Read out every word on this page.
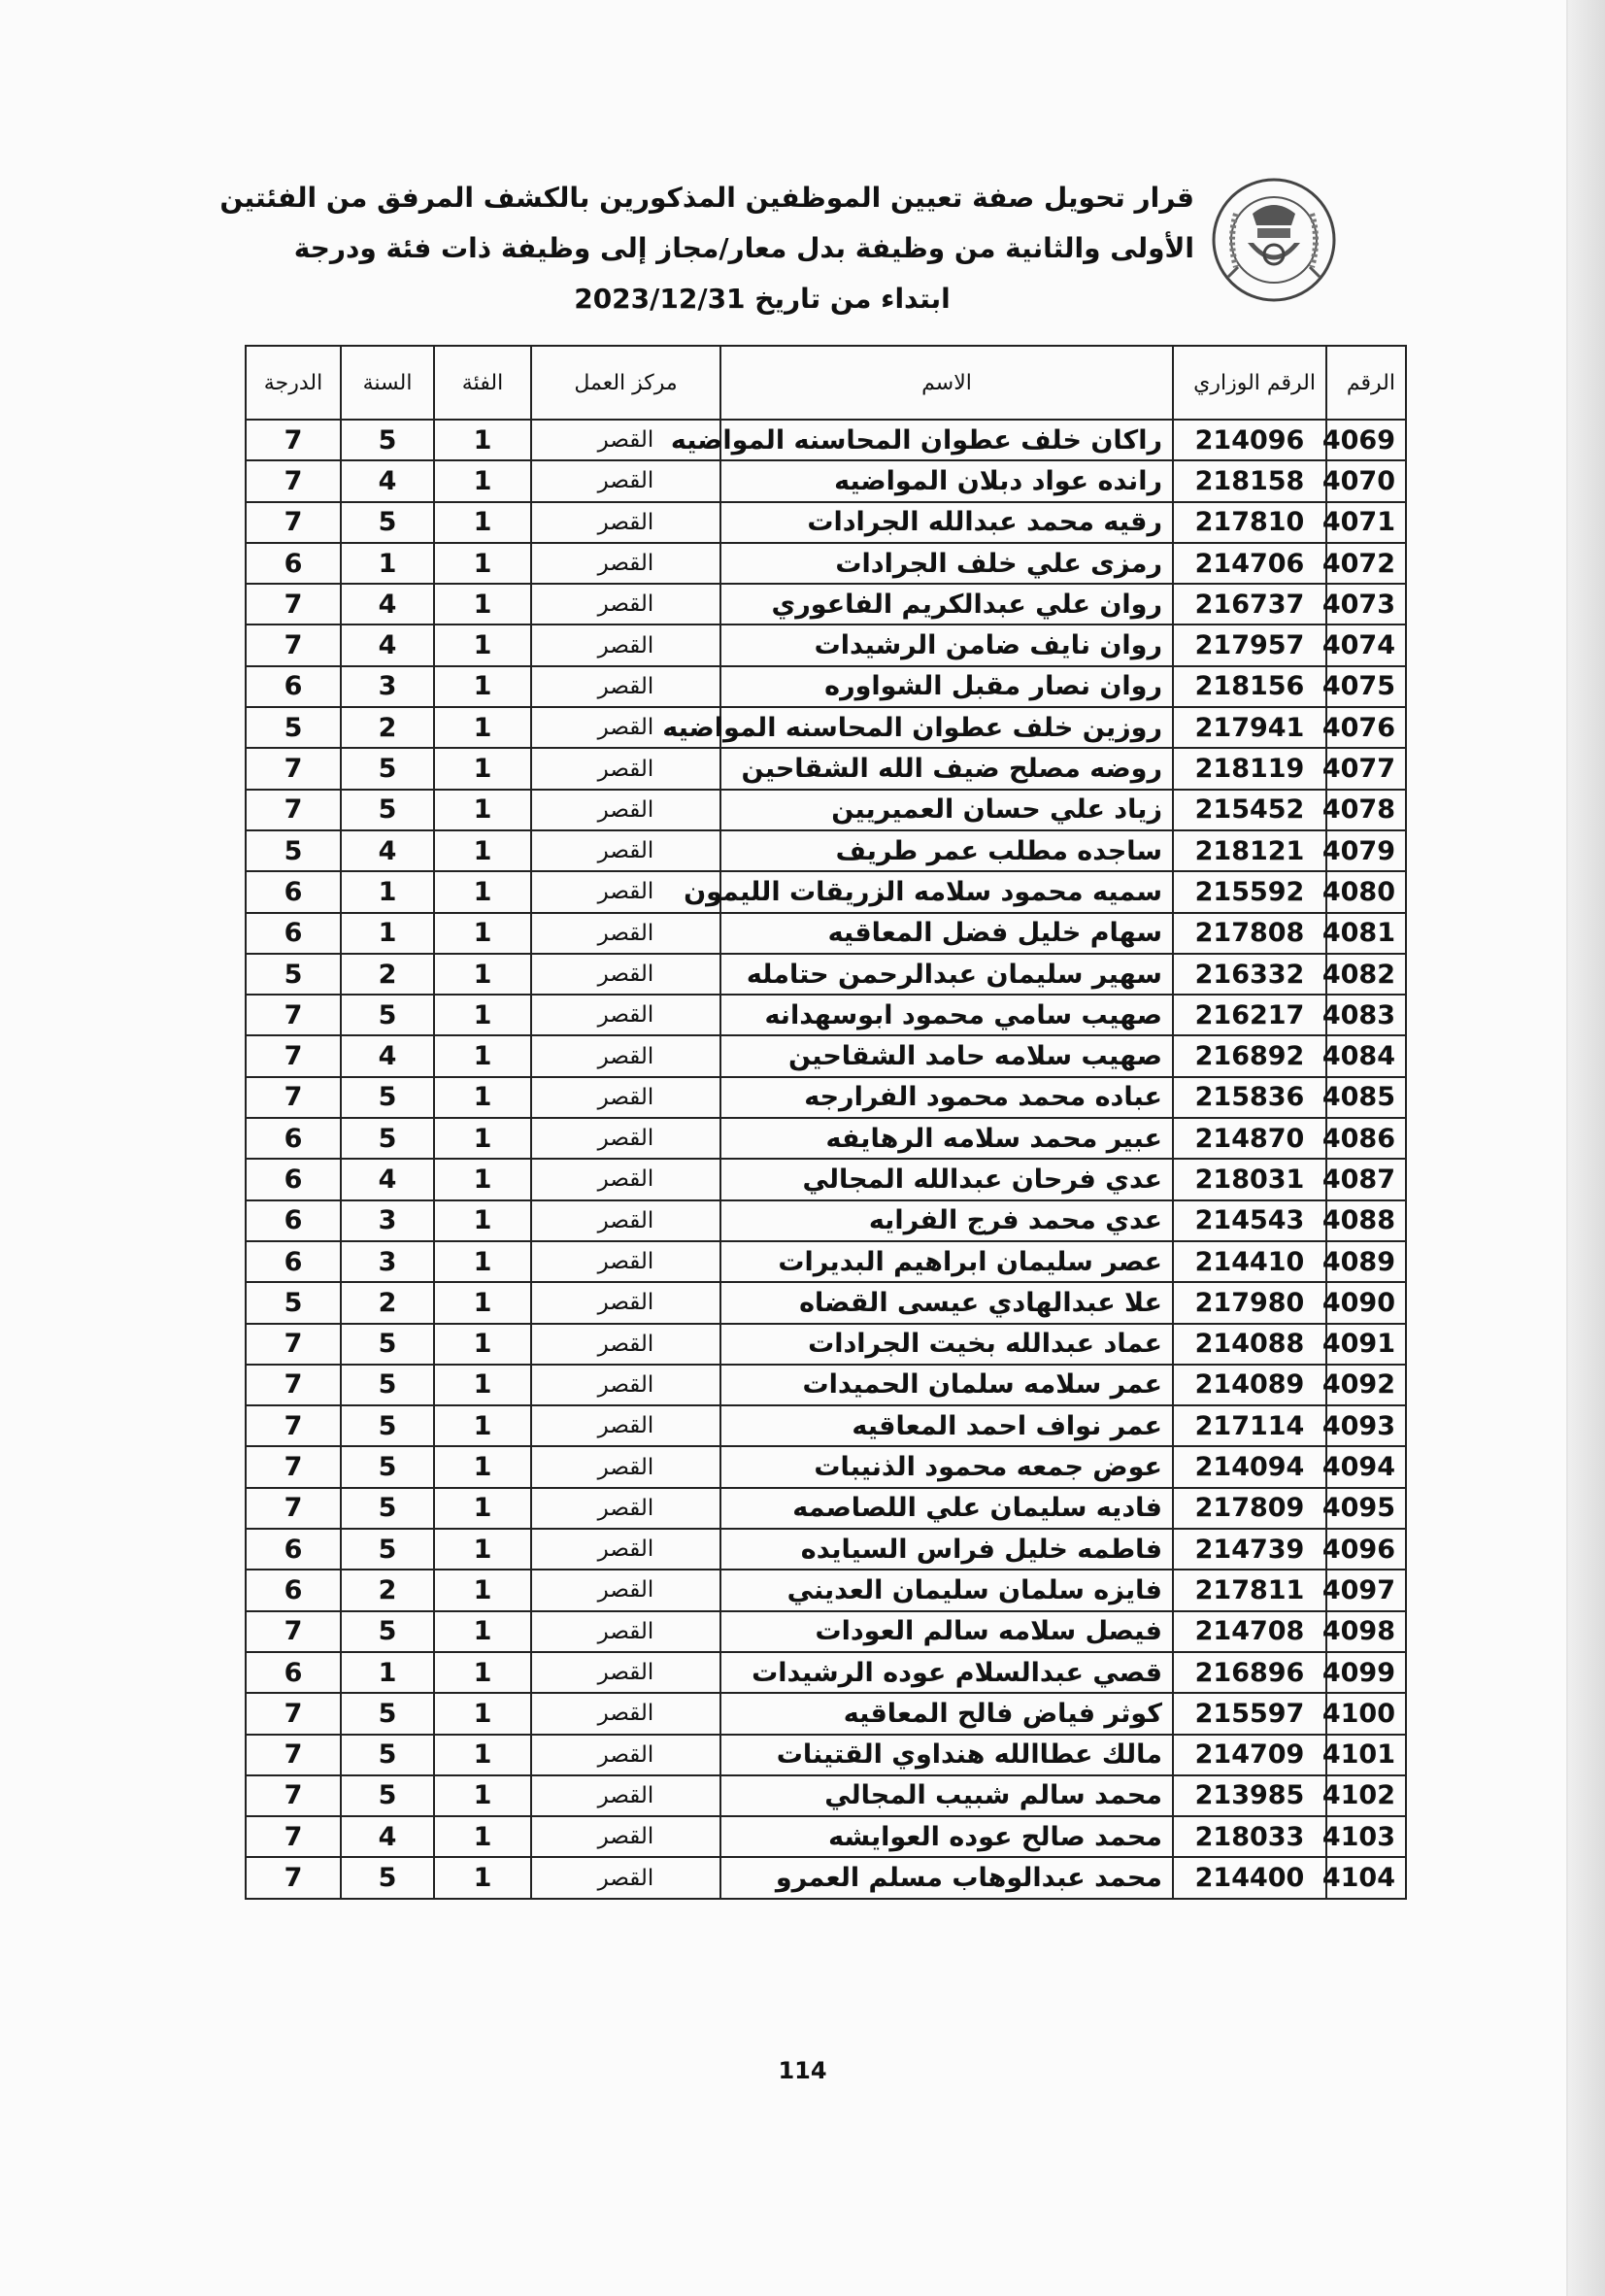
قرار تحويل صفة تعيين الموظفين المذكورين بالكشف المرفق من الفئتين
الأولى والثانية من وظيفة بدل معار/مجاز إلى وظيفة ذات فئة ودرجة
ابتداء من تاريخ 2023/12/31
الرقم	الرقم الوزاري	الاسم	مركز العمل	الفئة	السنة	الدرجة
4069	214096	راكان خلف عطوان المحاسنه المواضيه	القصر	1	5	7
4070	218158	رانده عواد دبلان المواضيه	القصر	1	4	7
4071	217810	رقيه محمد عبدالله الجرادات	القصر	1	5	7
4072	214706	رمزى علي خلف الجرادات	القصر	1	1	6
4073	216737	روان علي عبدالكريم الفاعوري	القصر	1	4	7
4074	217957	روان نايف ضامن الرشيدات	القصر	1	4	7
4075	218156	روان نصار مقبل الشواوره	القصر	1	3	6
4076	217941	روزين خلف عطوان المحاسنه المواضيه	القصر	1	2	5
4077	218119	روضه مصلح ضيف الله الشقاحين	القصر	1	5	7
4078	215452	زياد علي حسان العميريين	القصر	1	5	7
4079	218121	ساجده مطلب عمر طريف	القصر	1	4	5
4080	215592	سميه محمود سلامه الزريقات الليمون	القصر	1	1	6
4081	217808	سهام خليل فضل المعاقيه	القصر	1	1	6
4082	216332	سهير سليمان عبدالرحمن حتامله	القصر	1	2	5
4083	216217	صهيب سامي محمود ابوسهدانه	القصر	1	5	7
4084	216892	صهيب سلامه حامد الشقاحين	القصر	1	4	7
4085	215836	عباده محمد محمود الفرارجه	القصر	1	5	7
4086	214870	عبير محمد سلامه الرهايفه	القصر	1	5	6
4087	218031	عدي فرحان عبدالله المجالي	القصر	1	4	6
4088	214543	عدي محمد فرج الفرايه	القصر	1	3	6
4089	214410	عصر سليمان ابراهيم البديرات	القصر	1	3	6
4090	217980	علا عبدالهادي عيسى القضاه	القصر	1	2	5
4091	214088	عماد عبدالله بخيت الجرادات	القصر	1	5	7
4092	214089	عمر سلامه سلمان الحميدات	القصر	1	5	7
4093	217114	عمر نواف احمد المعاقيه	القصر	1	5	7
4094	214094	عوض جمعه محمود الذنيبات	القصر	1	5	7
4095	217809	فاديه سليمان علي اللصاصمه	القصر	1	5	7
4096	214739	فاطمه خليل فراس السيايده	القصر	1	5	6
4097	217811	فايزه سلمان سليمان العديني	القصر	1	2	6
4098	214708	فيصل سلامه سالم العودات	القصر	1	5	7
4099	216896	قصي عبدالسلام عوده الرشيدات	القصر	1	1	6
4100	215597	كوثر فياض فالح المعاقيه	القصر	1	5	7
4101	214709	مالك عطاالله هنداوي القتينات	القصر	1	5	7
4102	213985	محمد سالم شبيب المجالي	القصر	1	5	7
4103	218033	محمد صالح عوده العوايشه	القصر	1	4	7
4104	214400	محمد عبدالوهاب مسلم العمرو	القصر	1	5	7
114
